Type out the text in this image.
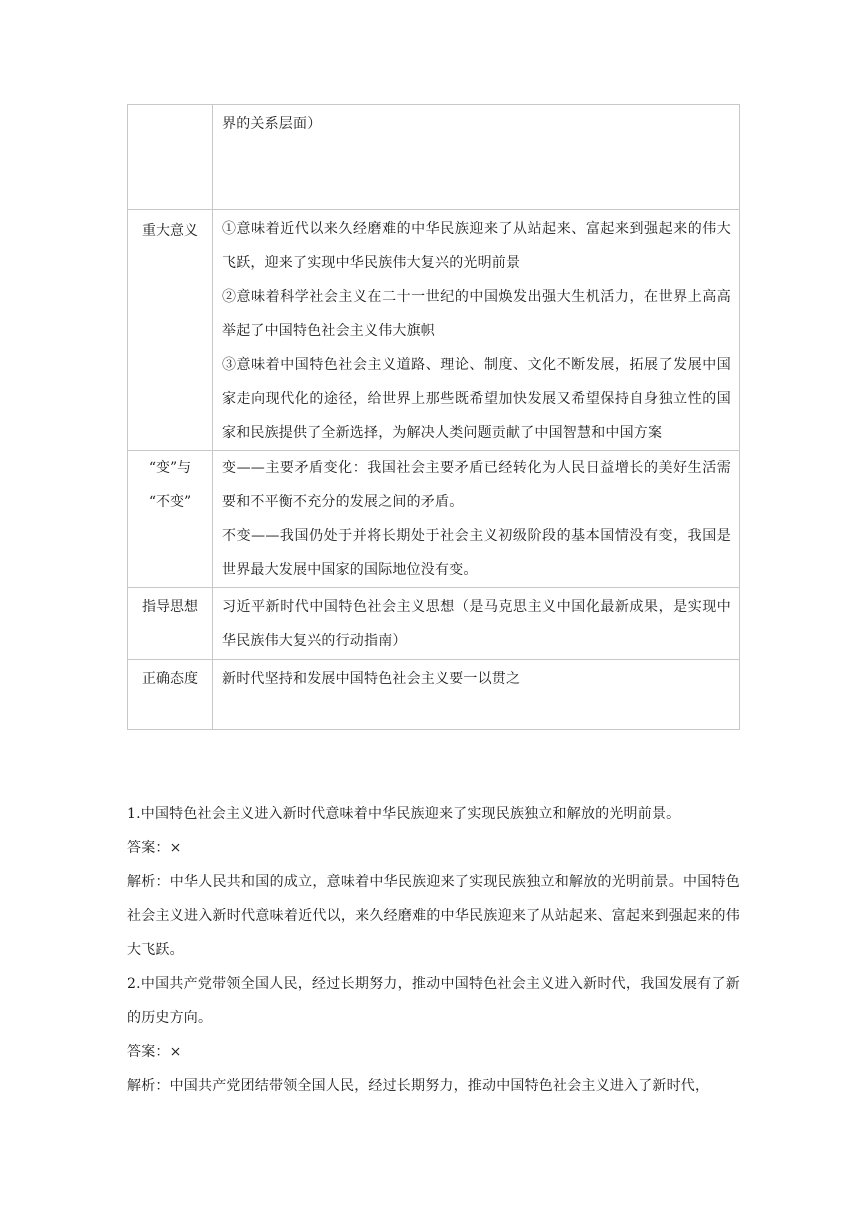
	界的关系层面）

重大意义	①意味着近代以来久经磨难的中华民族迎来了从站起来、富起来到强起来的伟大飞跃，迎来了实现中华民族伟大复兴的光明前景
②意味着科学社会主义在二十一世纪的中国焕发出强大生机活力，在世界上高高举起了中国特色社会主义伟大旗帜
③意味着中国特色社会主义道路、理论、制度、文化不断发展，拓展了发展中国家走向现代化的途径，给世界上那些既希望加快发展又希望保持自身独立性的国家和民族提供了全新选择，为解决人类问题贡献了中国智慧和中国方案

“变”与
“不变”	变——主要矛盾变化：我国社会主要矛盾已经转化为人民日益增长的美好生活需要和不平衡不充分的发展之间的矛盾。
不变——我国仍处于并将长期处于社会主义初级阶段的基本国情没有变，我国是世界最大发展中国家的国际地位没有变。

指导思想	习近平新时代中国特色社会主义思想（是马克思主义中国化最新成果，是实现中华民族伟大复兴的行动指南）

正确态度	新时代坚持和发展中国特色社会主义要一以贯之
1.中国特色社会主义进入新时代意味着中华民族迎来了实现民族独立和解放的光明前景。
答案：×
解析：中华人民共和国的成立，意味着中华民族迎来了实现民族独立和解放的光明前景。中国特色社会主义进入新时代意味着近代以，来久经磨难的中华民族迎来了从站起来、富起来到强起来的伟大飞跃。
2.中国共产党带领全国人民，经过长期努力，推动中国特色社会主义进入新时代，我国发展有了新的历史方向。
答案：×
解析：中国共产党团结带领全国人民，经过长期努力，推动中国特色社会主义进入了新时代，
